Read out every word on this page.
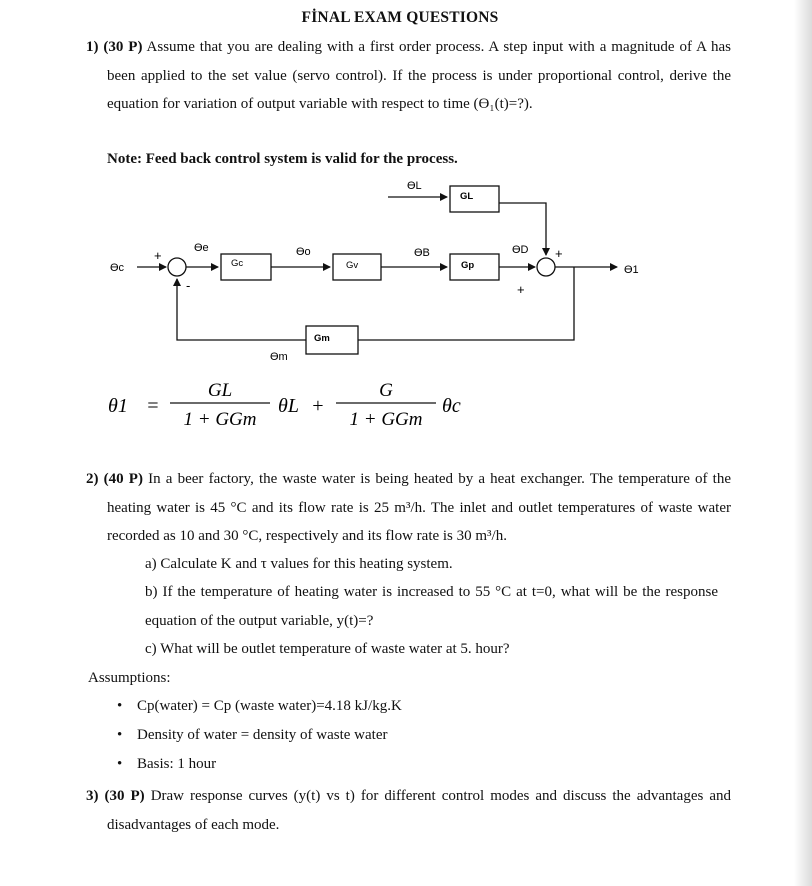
FİNAL EXAM QUESTIONS
1) (30 P) Assume that you are dealing with a first order process. A step input with a magnitude of A has been applied to the set value (servo control). If the process is under proportional control, derive the equation for variation of output variable with respect to time (ϴ₁(t)=?).
Note: Feed back control system is valid for the process.
Gc	Gv	Gp
GL
Gm
ϴc
ϴe	ϴo	ϴB	ϴD
ϴL
ϴ1
ϴm
+
-
+
+
θ1 =
GL
1 + GGm
θL +
G
1 + GGm
θc
2) (40 P) In a beer factory, the waste water is being heated by a heat exchanger. The temperature of the heating water is 45 °C and its flow rate is 25 m³/h. The inlet and outlet temperatures of waste water recorded as 10 and 30 °C, respectively and its flow rate is 30 m³/h.
a) Calculate K and τ values for this heating system.
b) If the temperature of heating water is increased to 55 °C at t=0, what will be the response equation of the output variable, y(t)=?
c) What will be outlet temperature of waste water at 5. hour?
Assumptions:
• Cp(water) = Cp (waste water)=4.18 kJ/kg.K
• Density of water = density of waste water
• Basis: 1 hour
3) (30 P) Draw response curves (y(t) vs t) for different control modes and discuss the advantages and disadvantages of each mode.
